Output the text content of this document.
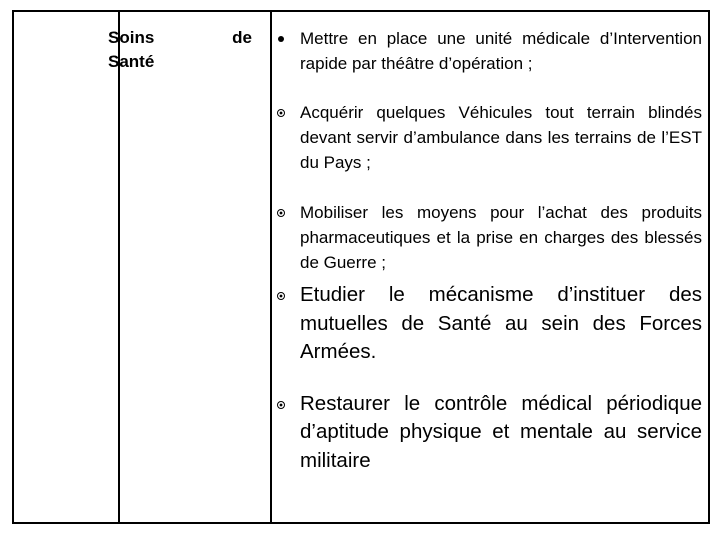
Soins	de
Santé
Mettre en place une unité médicale d’Intervention rapide par théâtre d’opération ;
Acquérir quelques Véhicules tout terrain blindés devant servir d’ambulance dans les terrains de l’EST du Pays ;
Mobiliser les moyens pour l’achat des produits pharmaceutiques et la prise en charges des blessés de Guerre ;
Etudier le mécanisme d’instituer des mutuelles de Santé au sein des Forces Armées.
Restaurer le contrôle médical périodique d’aptitude physique et mentale au service militaire
